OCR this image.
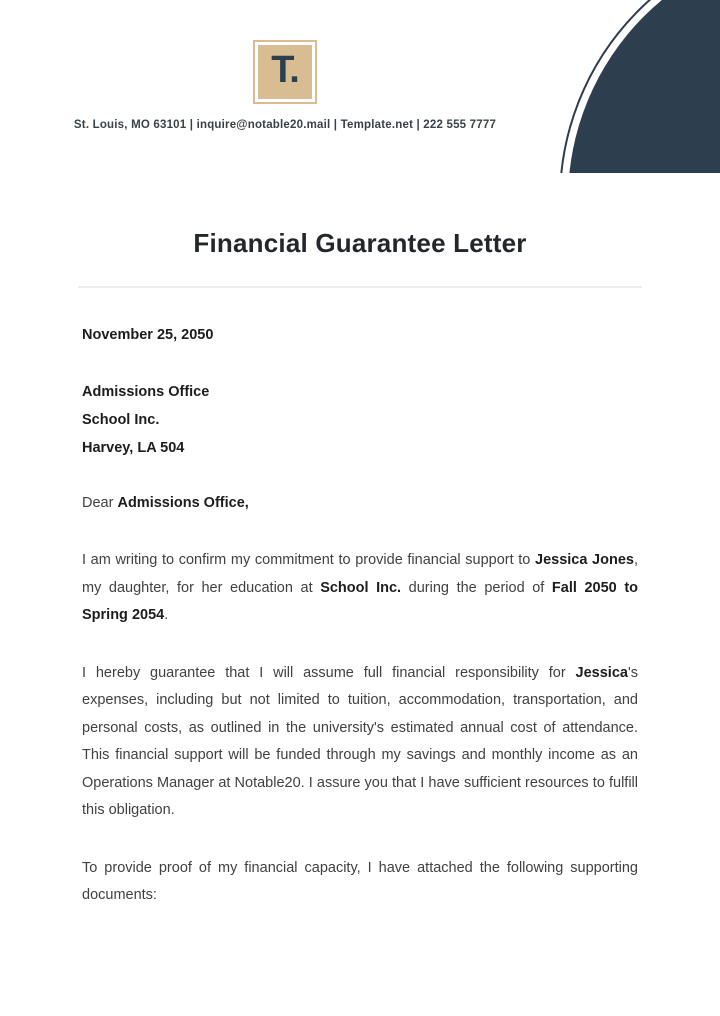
T.
St. Louis, MO 63101 | inquire@notable20.mail | Template.net | 222 555 7777
Financial Guarantee Letter
November 25, 2050
Admissions Office
School Inc.
Harvey, LA 504
Dear Admissions Office,

I am writing to confirm my commitment to provide financial support to Jessica Jones, my daughter, for her education at School Inc. during the period of Fall 2050 to Spring 2054.

I hereby guarantee that I will assume full financial responsibility for Jessica's expenses, including but not limited to tuition, accommodation, transportation, and personal costs, as outlined in the university's estimated annual cost of attendance. This financial support will be funded through my savings and monthly income as an Operations Manager at Notable20. I assure you that I have sufficient resources to fulfill this obligation.

To provide proof of my financial capacity, I have attached the following supporting documents:
